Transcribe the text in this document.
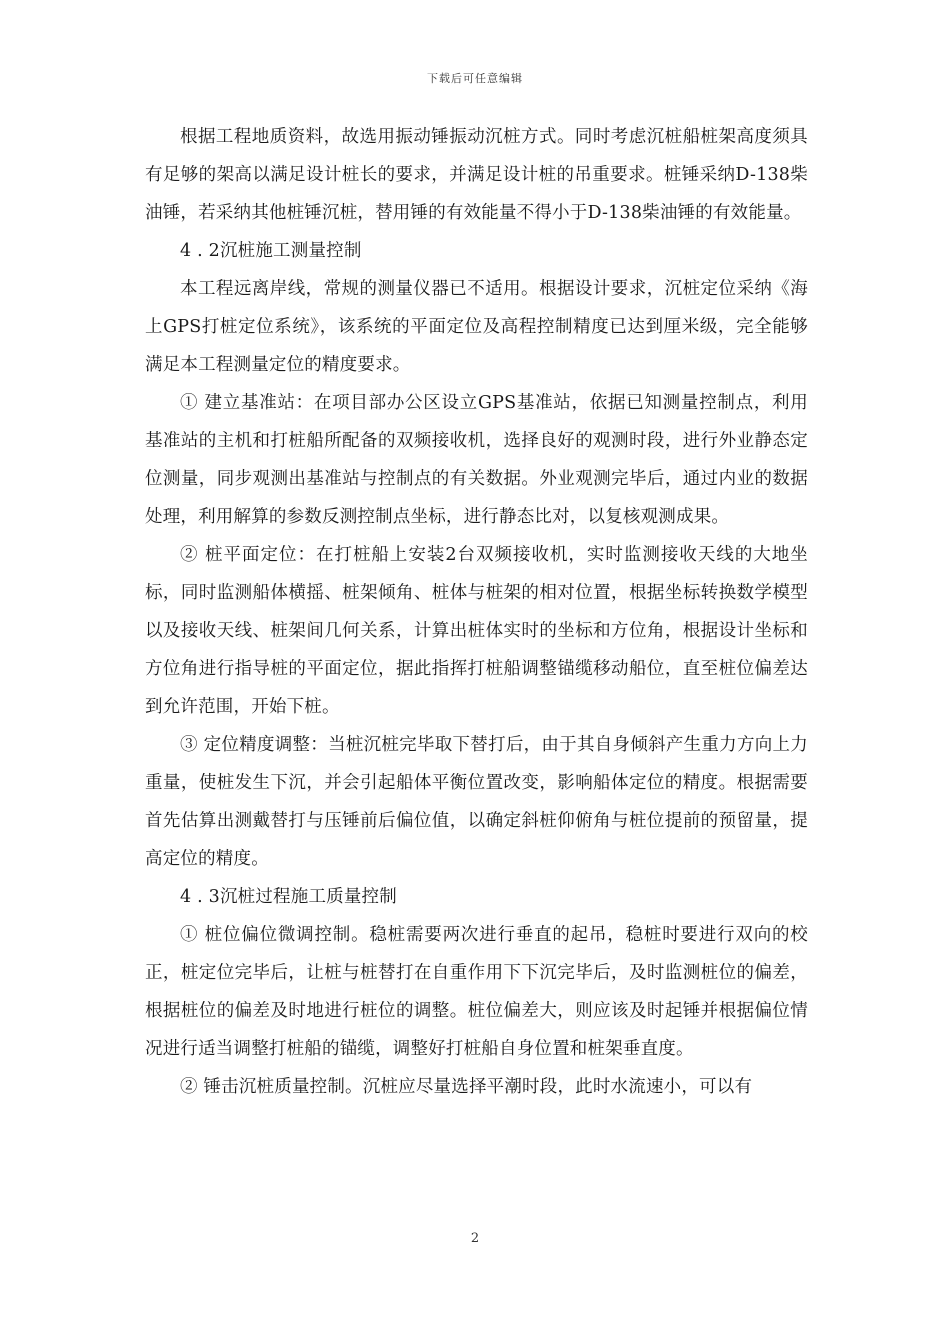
下载后可任意编辑

根据工程地质资料，故选用振动锤振动沉桩方式。同时考虑沉桩船桩架高度须具有足够的架高以满足设计桩长的要求，并满足设计桩的吊重要求。桩锤采纳D-138柴油锤，若采纳其他桩锤沉桩，替用锤的有效能量不得小于D-138柴油锤的有效能量。

4 . 2沉桩施工测量控制

本工程远离岸线，常规的测量仪器已不适用。根据设计要求，沉桩定位采纳《海上GPS打桩定位系统》，该系统的平面定位及高程控制精度已达到厘米级，完全能够满足本工程测量定位的精度要求。

① 建立基准站：在项目部办公区设立GPS基准站，依据已知测量控制点，利用基准站的主机和打桩船所配备的双频接收机，选择良好的观测时段，进行外业静态定位测量，同步观测出基准站与控制点的有关数据。外业观测完毕后，通过内业的数据处理，利用解算的参数反测控制点坐标，进行静态比对，以复核观测成果。

② 桩平面定位：在打桩船上安装2台双频接收机，实时监测接收天线的大地坐标，同时监测船体横摇、桩架倾角、桩体与桩架的相对位置，根据坐标转换数学模型以及接收天线、桩架间几何关系，计算出桩体实时的坐标和方位角，根据设计坐标和方位角进行指导桩的平面定位，据此指挥打桩船调整锚缆移动船位，直至桩位偏差达到允许范围，开始下桩。

③ 定位精度调整：当桩沉桩完毕取下替打后，由于其自身倾斜产生重力方向上力重量，使桩发生下沉，并会引起船体平衡位置改变，影响船体定位的精度。根据需要首先估算出测戴替打与压锤前后偏位值，以确定斜桩仰俯角与桩位提前的预留量，提高定位的精度。

4 . 3沉桩过程施工质量控制

① 桩位偏位微调控制。稳桩需要两次进行垂直的起吊，稳桩时要进行双向的校正，桩定位完毕后，让桩与桩替打在自重作用下下沉完毕后，及时监测桩位的偏差，根据桩位的偏差及时地进行桩位的调整。桩位偏差大，则应该及时起锤并根据偏位情况进行适当调整打桩船的锚缆，调整好打桩船自身位置和桩架垂直度。

② 锤击沉桩质量控制。沉桩应尽量选择平潮时段，此时水流速小，可以有

2
